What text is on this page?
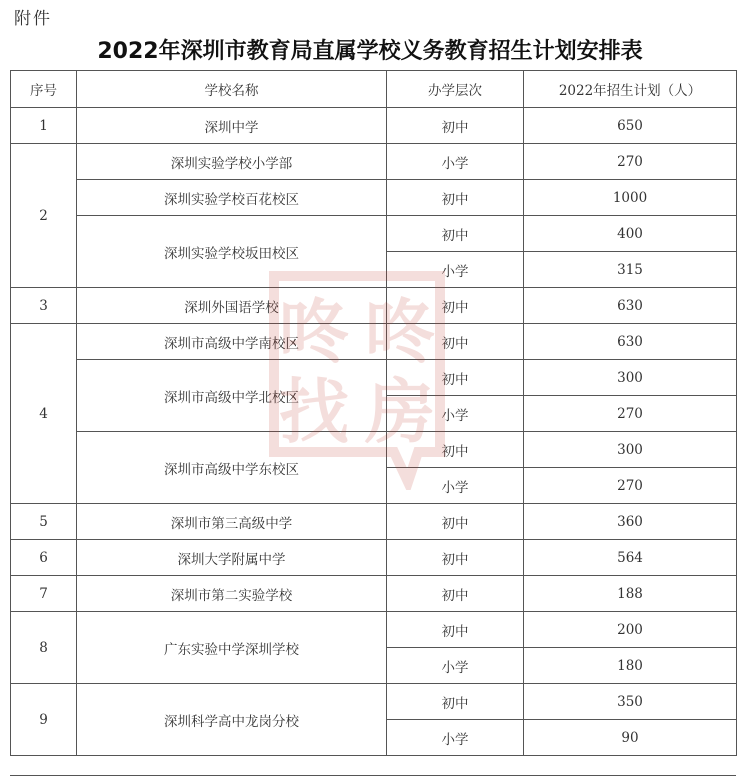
附件
2022年深圳市教育局直属学校义务教育招生计划安排表
序号	学校名称	办学层次	2022年招生计划（人）
1	深圳中学	初中	650
2	深圳实验学校小学部	小学	270
	深圳实验学校百花校区	初中	1000
	深圳实验学校坂田校区	初中	400
		小学	315
3	深圳外国语学校	初中	630
4	深圳市高级中学南校区	初中	630
	深圳市高级中学北校区	初中	300
		小学	270
	深圳市高级中学东校区	初中	300
		小学	270
5	深圳市第三高级中学	初中	360
6	深圳大学附属中学	初中	564
7	深圳市第二实验学校	初中	188
8	广东实验中学深圳学校	初中	200
		小学	180
9	深圳科学高中龙岗分校	初中	350
		小学	90
咚 咚
找 房
